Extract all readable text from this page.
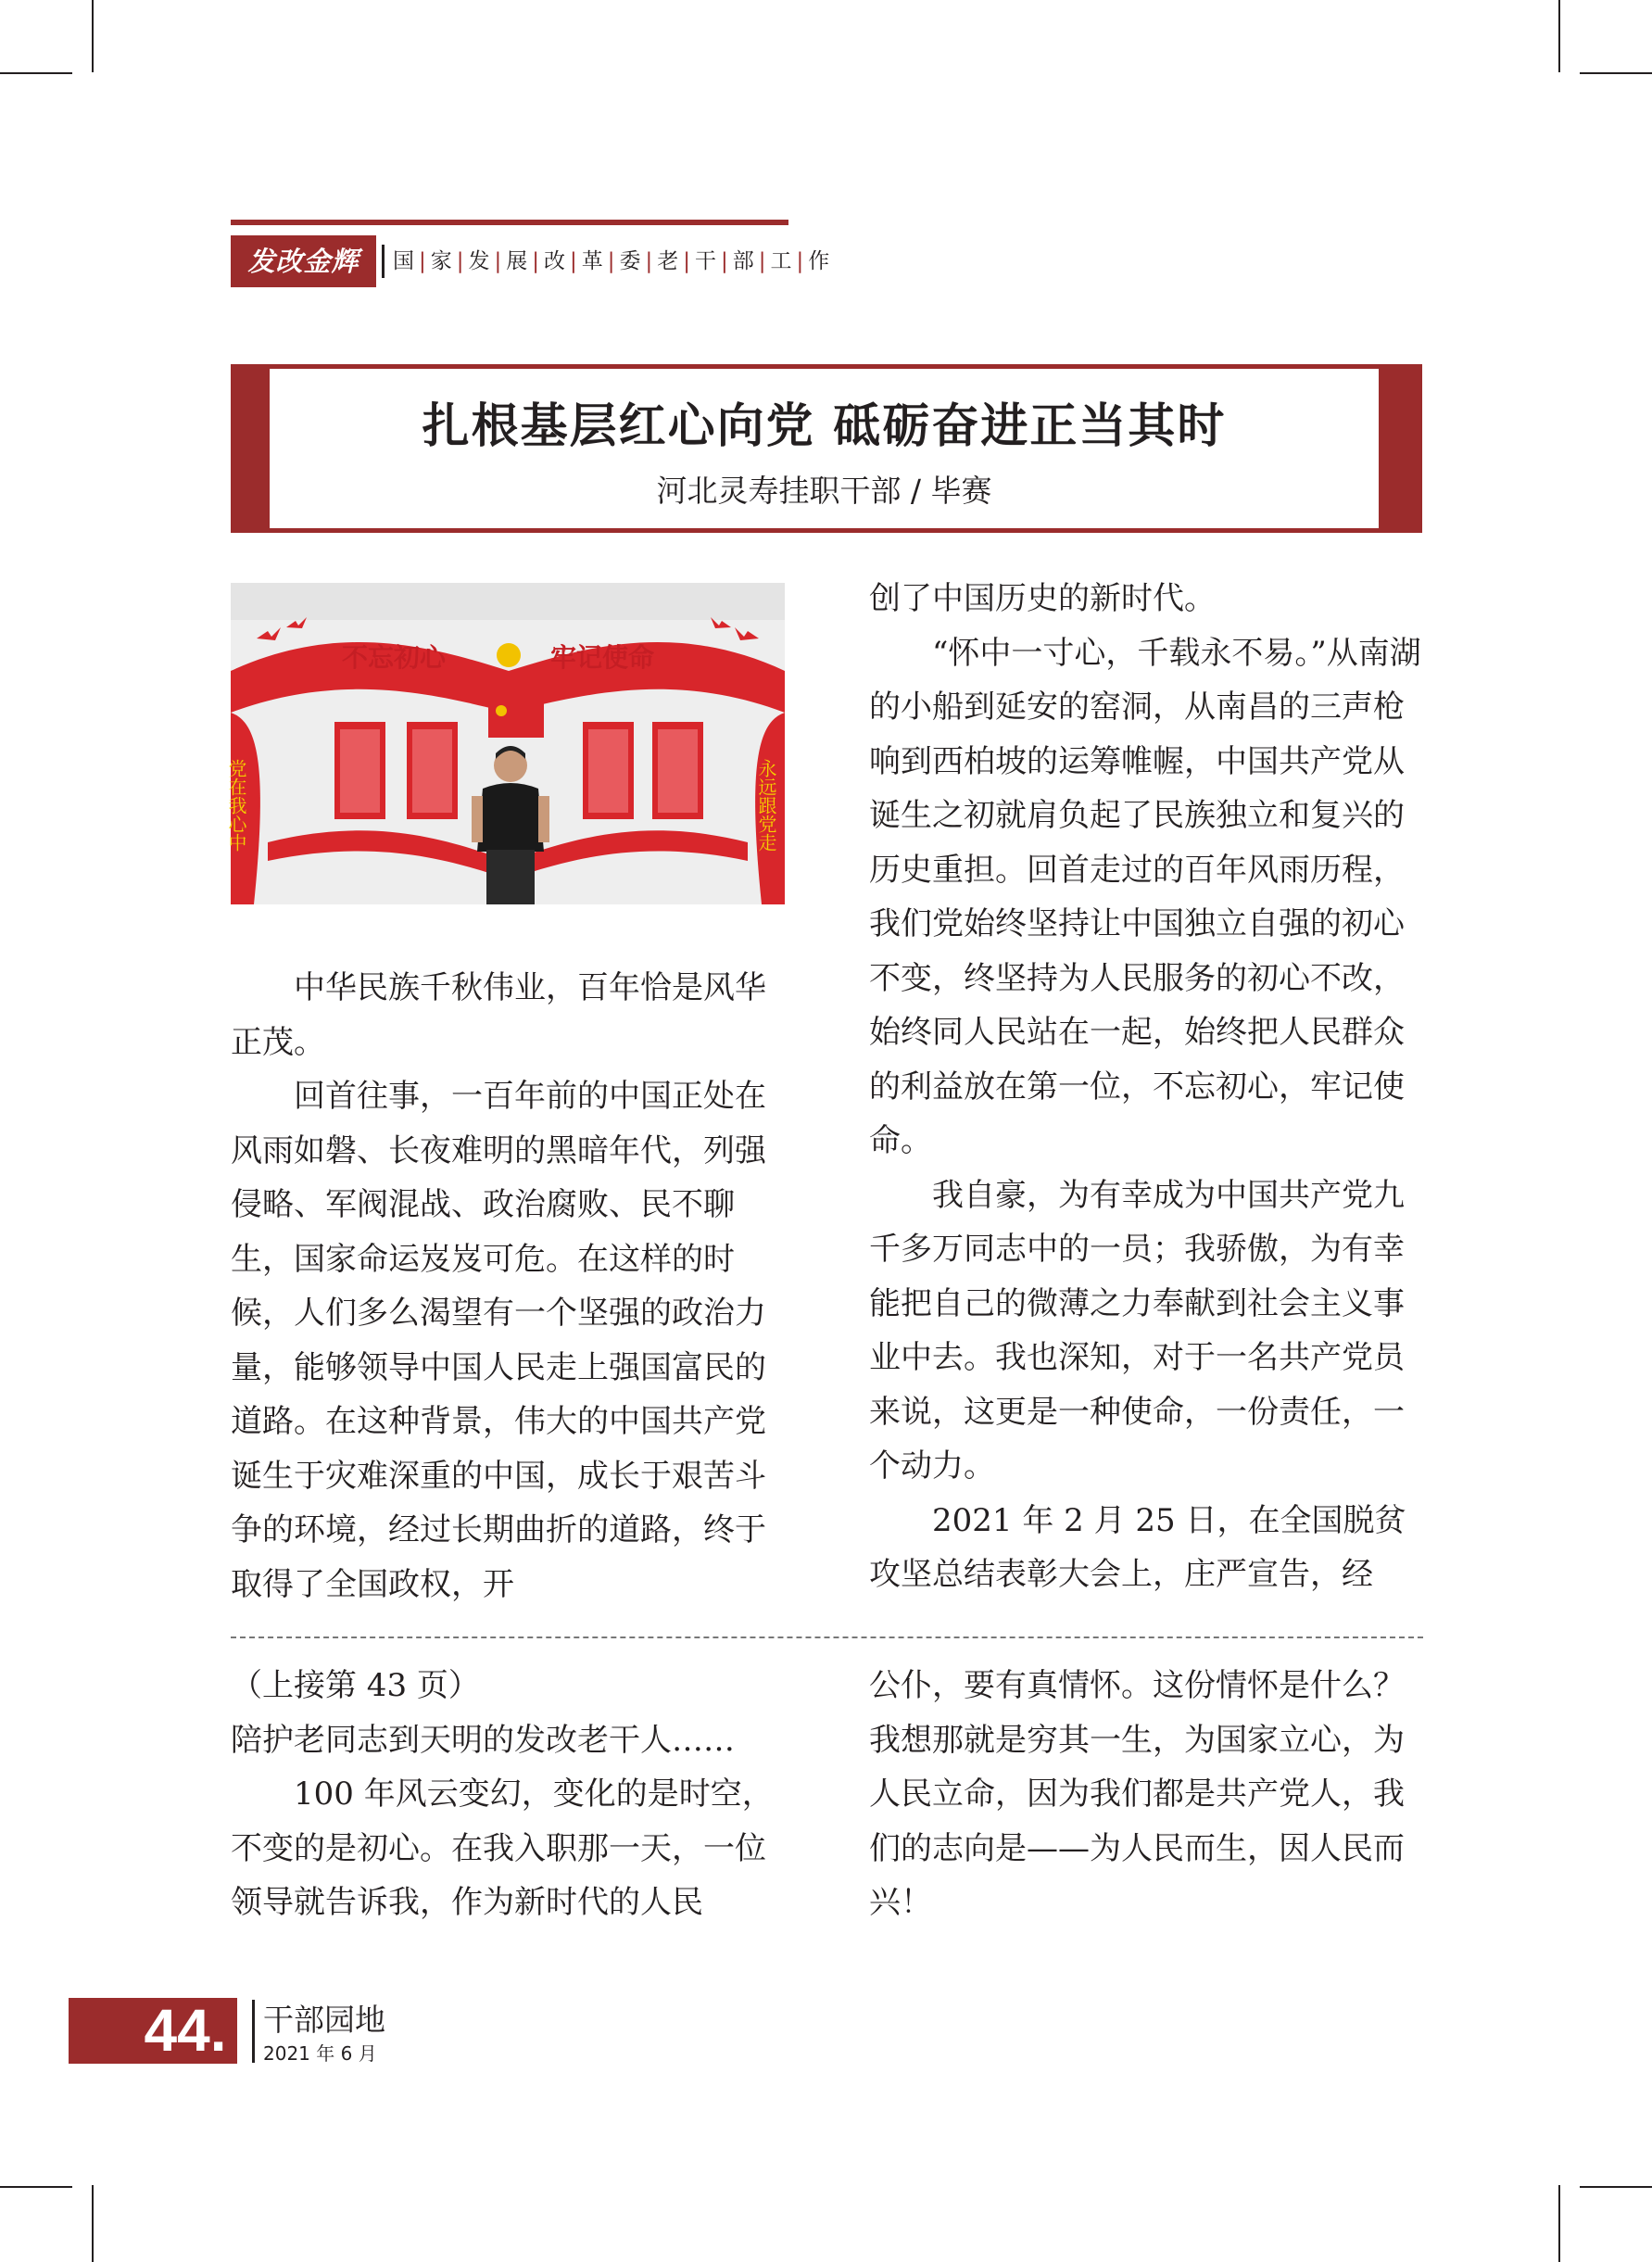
发改金辉	国 | 家 | 发 | 展 | 改 | 革 | 委 | 老 | 干 | 部 | 工 | 作
扎根基层红心向党 砥砺奋进正当其时
河北灵寿挂职干部 / 毕赛
不忘初心	牢记使命
党在我心中	永远跟党走

中华民族千秋伟业，百年恰是风华正茂。

回首往事，一百年前的中国正处在风雨如磐、长夜难明的黑暗年代，列强侵略、军阀混战、政治腐败、民不聊生，国家命运岌岌可危。在这样的时候，人们多么渴望有一个坚强的政治力量，能够领导中国人民走上强国富民的道路。在这种背景，伟大的中国共产党诞生于灾难深重的中国，成长于艰苦斗争的环境，经过长期曲折的道路，终于取得了全国政权，开

创了中国历史的新时代。

“怀中一寸心，千载永不易。”从南湖的小船到延安的窑洞，从南昌的三声枪响到西柏坡的运筹帷幄，中国共产党从诞生之初就肩负起了民族独立和复兴的历史重担。回首走过的百年风雨历程，我们党始终坚持让中国独立自强的初心不变，终坚持为人民服务的初心不改，始终同人民站在一起，始终把人民群众的利益放在第一位，不忘初心，牢记使命。

我自豪，为有幸成为中国共产党九千多万同志中的一员；我骄傲，为有幸能把自己的微薄之力奉献到社会主义事业中去。我也深知，对于一名共产党员来说，这更是一种使命，一份责任，一个动力。

2021 年 2 月 25 日，在全国脱贫攻坚总结表彰大会上，庄严宣告，经

（上接第 43 页）

陪护老同志到天明的发改老干人……

100 年风云变幻，变化的是时空，不变的是初心。在我入职那一天，一位领导就告诉我，作为新时代的人民

公仆，要有真情怀。这份情怀是什么？我想那就是穷其一生，为国家立心，为人民立命，因为我们都是共产党人，我们的志向是——为人民而生，因人民而兴！

44.	干部园地
2021 年 6 月
